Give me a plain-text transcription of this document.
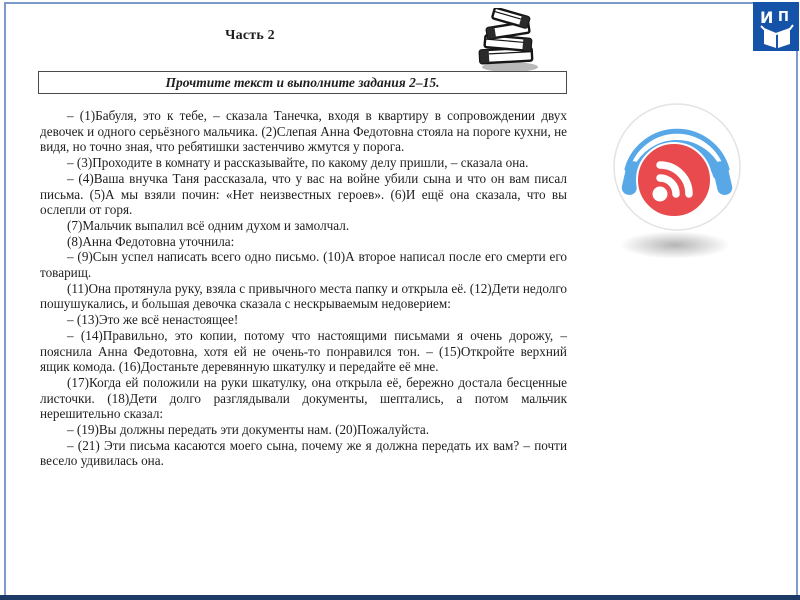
Часть 2
Прочтите текст и выполните задания 2–15.

– (1)Бабуля, это к тебе, – сказала Танечка, входя в квартиру в сопровождении двух девочек и одного серьёзного мальчика. (2)Слепая Анна Федотовна стояла на пороге кухни, не видя, но точно зная, что ребятишки застенчиво жмутся у порога.

– (3)Проходите в комнату и рассказывайте, по какому делу пришли, – сказала она.

– (4)Ваша внучка Таня рассказала, что у вас на войне убили сына и что он вам писал письма. (5)А мы взяли почин: «Нет неизвестных героев». (6)И ещё она сказала, что вы ослепли от горя.

(7)Мальчик выпалил всё одним духом и замолчал.

(8)Анна Федотовна уточнила:

– (9)Сын успел написать всего одно письмо. (10)А второе написал после его смерти его товарищ.

(11)Она протянула руку, взяла с привычного места папку и открыла её. (12)Дети недолго пошушукались, и большая девочка сказала с нескрываемым недоверием:

– (13)Это же всё ненастоящее!

– (14)Правильно, это копии, потому что настоящими письмами я очень дорожу, – пояснила Анна Федотовна, хотя ей не очень-то понравился тон. – (15)Откройте верхний ящик комода. (16)Достаньте деревянную шкатулку и передайте её мне.

(17)Когда ей положили на руки шкатулку, она открыла её, бережно достала бесценные листочки. (18)Дети долго разглядывали документы, шептались, а потом мальчик нерешительно сказал:

– (19)Вы должны передать эти документы нам. (20)Пожалуйста.

– (21) Эти письма касаются моего сына, почему же я должна передать их вам? – почти весело удивилась она.

И П
